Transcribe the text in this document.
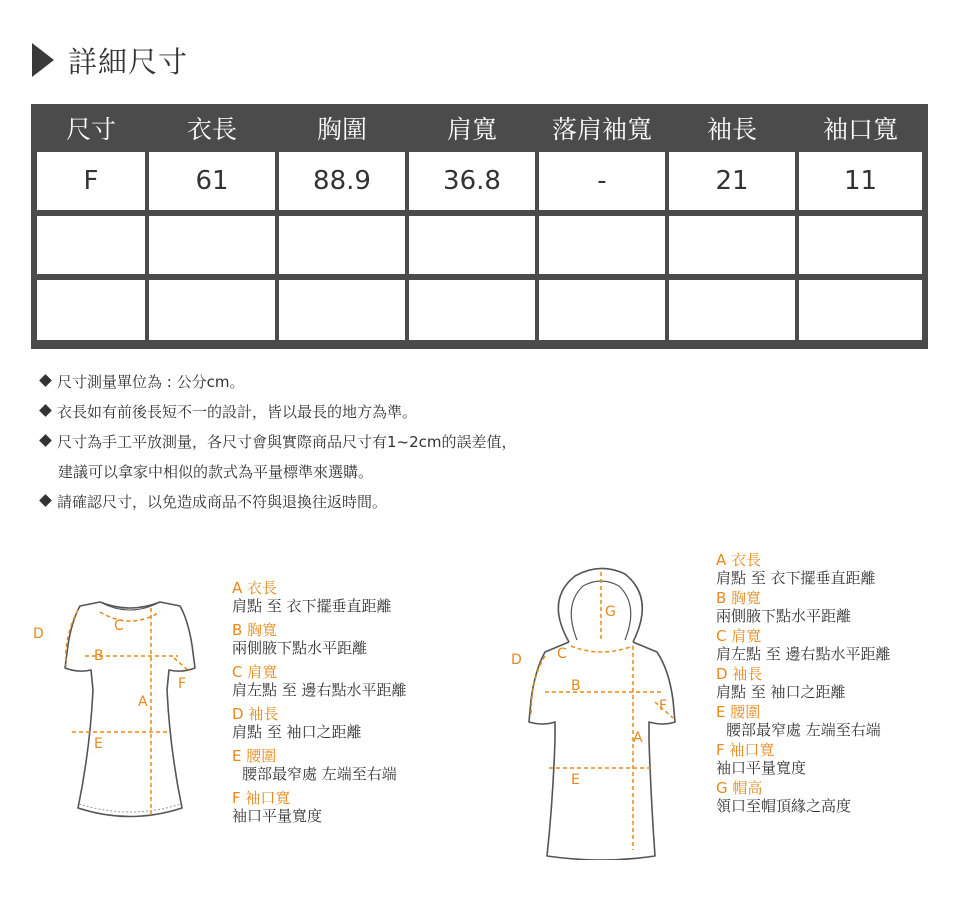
詳細尺寸
尺寸	衣長	胸圍	肩寬	落肩袖寬	袖長	袖口寬
F	61	88.9	36.8	-	21	11
尺寸測量單位為 : 公分cm。
衣長如有前後長短不一的設計，皆以最長的地方為準。
尺寸為手工平放測量，各尺寸會與實際商品尺寸有1~2cm的誤差值，
建議可以拿家中相似的款式為平量標準來選購。
請確認尺寸，以免造成商品不符與退換往返時間。
C
D
B
F
A
E
A 衣長
肩點 至 衣下擺垂直距離
B 胸寬
兩側腋下點水平距離
C 肩寬
肩左點 至 邊右點水平距離
D 袖長
肩點 至 袖口之距離
E 腰圍
腰部最窄處 左端至右端
F 袖口寬
袖口平量寬度
G
C
D
B
F
A
E
A 衣長
肩點 至 衣下擺垂直距離
B 胸寬
兩側腋下點水平距離
C 肩寬
肩左點 至 邊右點水平距離
D 袖長
肩點 至 袖口之距離
E 腰圍
腰部最窄處 左端至右端
F 袖口寬
袖口平量寬度
G 帽高
領口至帽頂緣之高度
